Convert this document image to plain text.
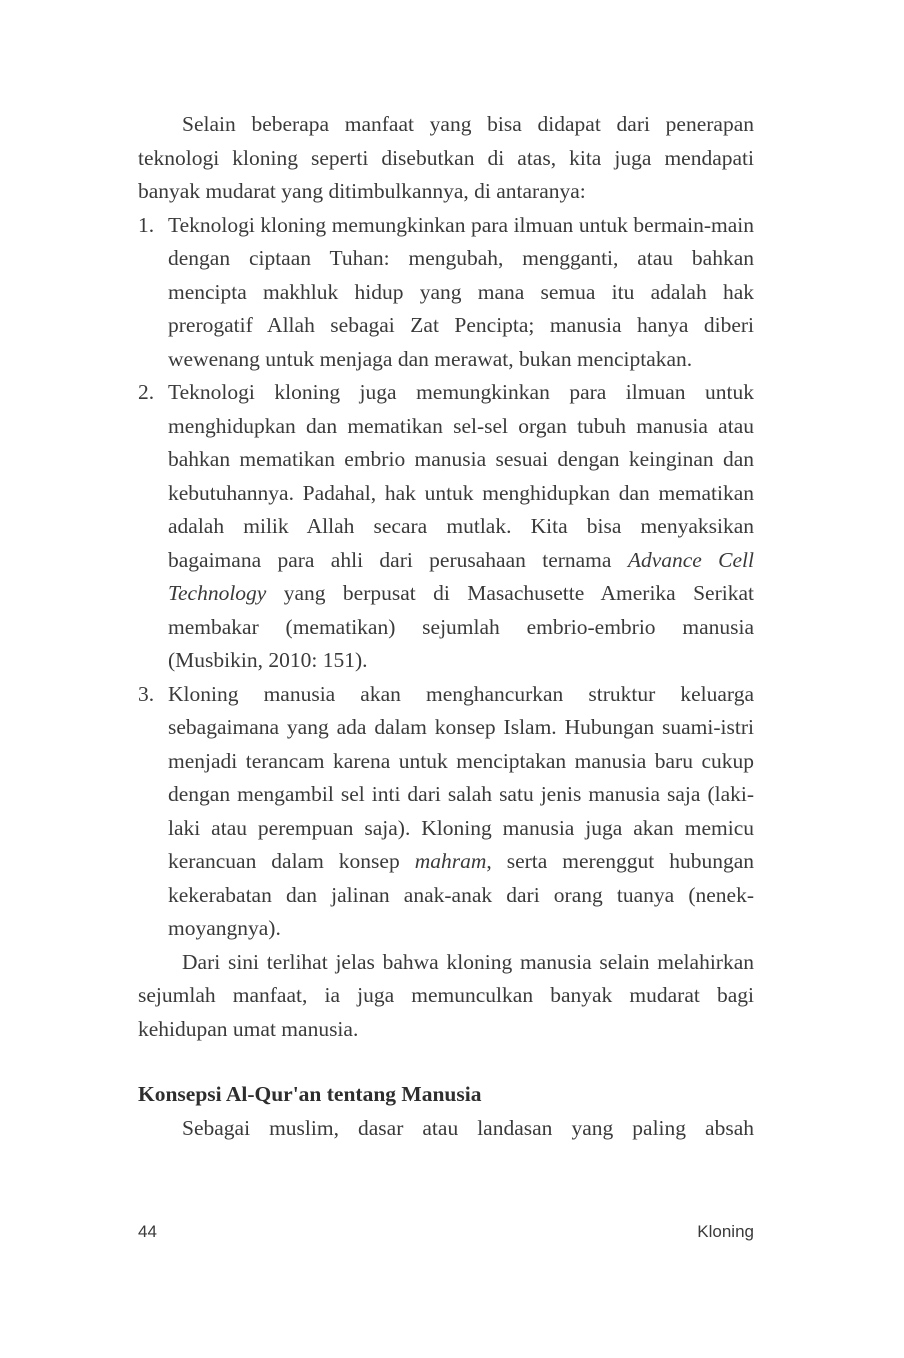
Selain beberapa manfaat yang bisa didapat dari penerapan teknologi kloning seperti disebutkan di atas, kita juga mendapati banyak mudarat yang ditimbulkannya, di antaranya:

1. Teknologi kloning memungkinkan para ilmuan untuk bermain-main dengan ciptaan Tuhan: mengubah, mengganti, atau bahkan mencipta makhluk hidup yang mana semua itu adalah hak prerogatif Allah sebagai Zat Pencipta; manusia hanya diberi wewenang untuk menjaga dan merawat, bukan menciptakan.

2. Teknologi kloning juga memungkinkan para ilmuan untuk menghidupkan dan mematikan sel-sel organ tubuh manusia atau bahkan mematikan embrio manusia sesuai dengan keinginan dan kebutuhannya. Padahal, hak untuk menghidupkan dan mematikan adalah milik Allah secara mutlak. Kita bisa menyaksikan bagaimana para ahli dari perusahaan ternama Advance Cell Technology yang berpusat di Masachusette Amerika Serikat membakar (mematikan) sejumlah embrio-embrio manusia (Musbikin, 2010: 151).

3. Kloning manusia akan menghancurkan struktur keluarga sebagaimana yang ada dalam konsep Islam. Hubungan suami-istri menjadi terancam karena untuk menciptakan manusia baru cukup dengan mengambil sel inti dari salah satu jenis manusia saja (laki-laki atau perempuan saja). Kloning manusia juga akan memicu kerancuan dalam konsep mahram, serta merenggut hubungan kekerabatan dan jalinan anak-anak dari orang tuanya (nenek-moyangnya).

Dari sini terlihat jelas bahwa kloning manusia selain melahirkan sejumlah manfaat, ia juga memunculkan banyak mudarat bagi kehidupan umat manusia.

Konsepsi Al-Qur'an tentang Manusia

Sebagai muslim, dasar atau landasan yang paling absah

44	Kloning
